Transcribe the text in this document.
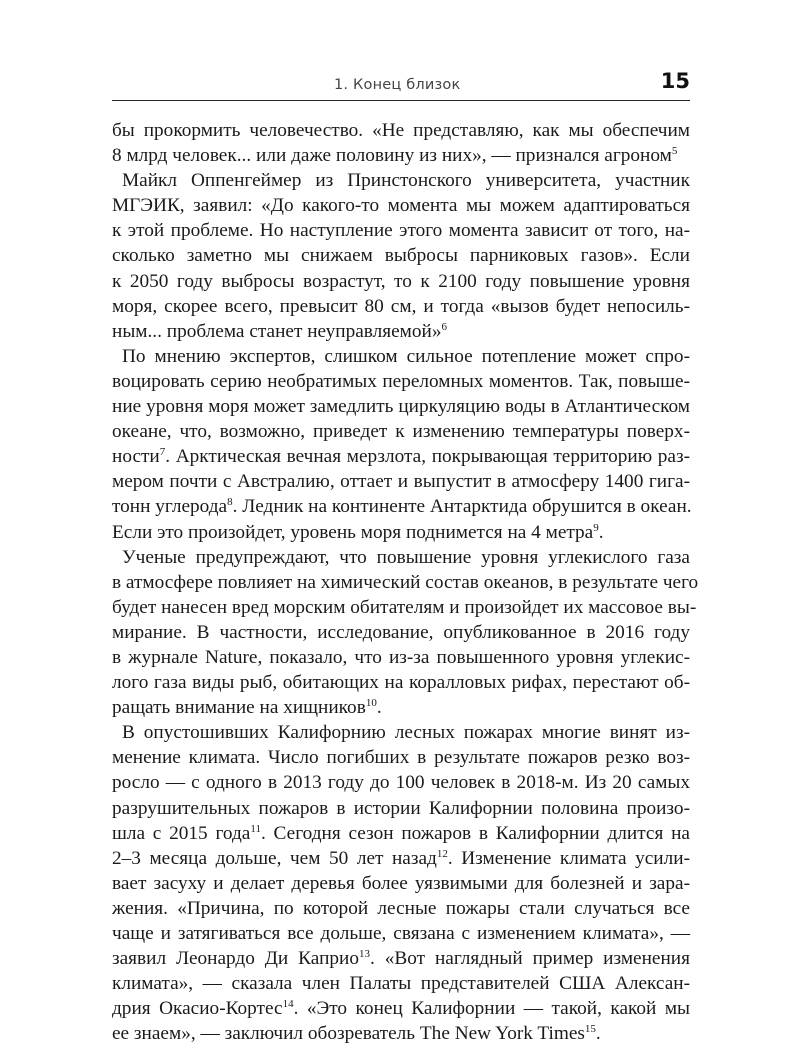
1. Конец близок	15
бы прокормить человечество. «Не представляю, как мы обеспечим
8 млрд человек... или даже половину из них», — признался агроном$^5$
Майкл Оппенгеймер из Принстонского университета, участник
МГЭИК, заявил: «До какого-то момента мы можем адаптироваться
к этой проблеме. Но наступление этого момента зависит от того, на-
сколько заметно мы снижаем выбросы парниковых газов». Если
к 2050 году выбросы возрастут, то к 2100 году повышение уровня
моря, скорее всего, превысит 80 см, и тогда «вызов будет непосиль-
ным... проблема станет неуправляемой»$^6$
По мнению экспертов, слишком сильное потепление может спро-
воцировать серию необратимых переломных моментов. Так, повыше-
ние уровня моря может замедлить циркуляцию воды в Атлантическом
океане, что, возможно, приведет к изменению температуры поверх-
ности$^7$. Арктическая вечная мерзлота, покрывающая территорию раз-
мером почти с Австралию, оттает и выпустит в атмосферу 1400 гига-
тонн углерода$^8$. Ледник на континенте Антарктида обрушится в океан.
Если это произойдет, уровень моря поднимется на 4 метра$^9$.
Ученые предупреждают, что повышение уровня углекислого газа
в атмосфере повлияет на химический состав океанов, в результате чего
будет нанесен вред морским обитателям и произойдет их массовое вы-
мирание. В частности, исследование, опубликованное в 2016 году
в журнале Nature, показало, что из-за повышенного уровня углекис-
лого газа виды рыб, обитающих на коралловых рифах, перестают об-
ращать внимание на хищников$^{10}$.
В опустошивших Калифорнию лесных пожарах многие винят из-
менение климата. Число погибших в результате пожаров резко воз-
росло — с одного в 2013 году до 100 человек в 2018-м. Из 20 самых
разрушительных пожаров в истории Калифорнии половина произо-
шла с 2015 года$^{11}$. Сегодня сезон пожаров в Калифорнии длится на
2–3 месяца дольше, чем 50 лет назад$^{12}$. Изменение климата усили-
вает засуху и делает деревья более уязвимыми для болезней и зара-
жения. «Причина, по которой лесные пожары стали случаться все
чаще и затягиваться все дольше, связана с изменением климата», —
заявил Леонардо Ди Каприо$^{13}$. «Вот наглядный пример изменения
климата», — сказала член Палаты представителей США Алексан-
дрия Окасио-Кортес$^{14}$. «Это конец Калифорнии — такой, какой мы
ее знаем», — заключил обозреватель The New York Times$^{15}$.
